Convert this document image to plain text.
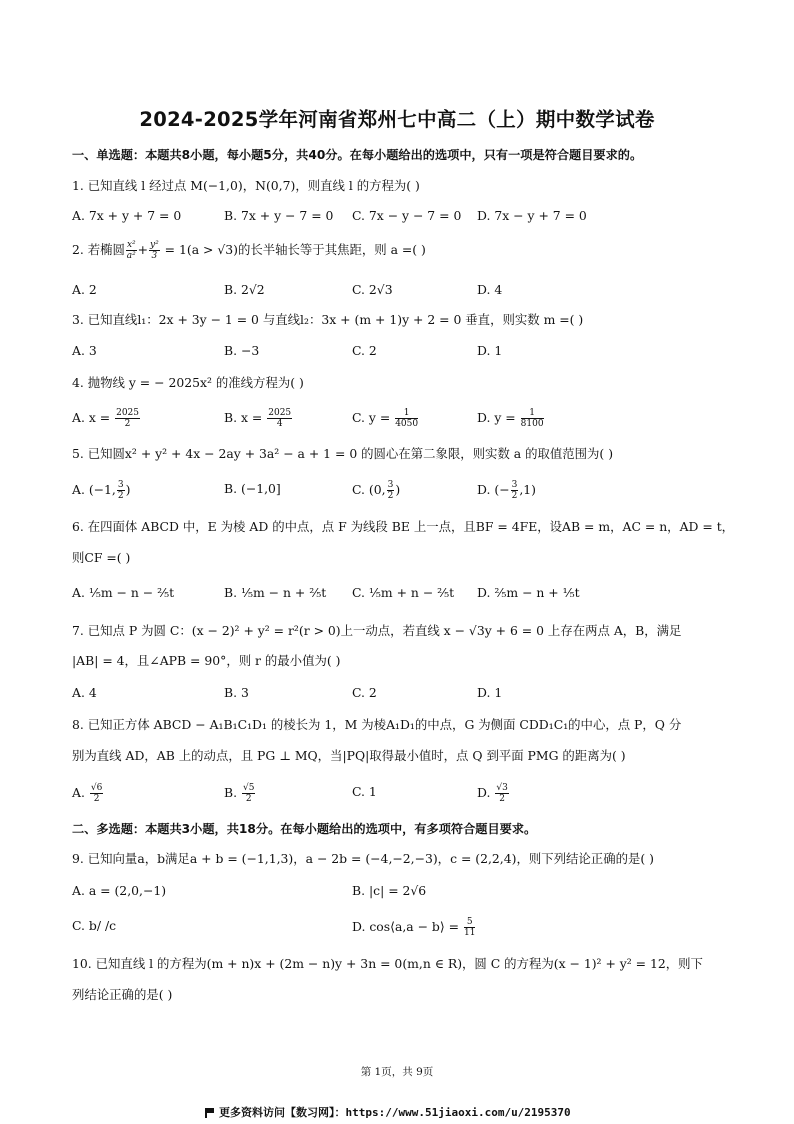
2024-2025学年河南省郑州七中高二（上）期中数学试卷
一、单选题：本题共8小题，每小题5分，共40分。在每小题给出的选项中，只有一项是符合题目要求的。
1. 已知直线 l 经过点 M(−1,0)，N(0,7)，则直线 l 的方程为( )
A. 7x + y + 7 = 0	B. 7x + y − 7 = 0 C. 7x − y − 7 = 0 D. 7x − y + 7 = 0
2. 若椭圆 $\frac{\text{x²}}{\text{a²}} + \frac{\text{y²}}{3} = 1(a > √3)$的长半轴长等于其焦距，则 a =( )
A. 2	B. 2√2	C. 2√3	D. 4
3. 已知直线l₁：2x + 3y − 1 = 0 与直线l₂：3x + (m + 1)y + 2 = 0 垂直，则实数 m =( )
A. 3	B. −3	C. 2	D. 1
4. 抛物线 y = − 2025x² 的准线方程为( )
A. $x = \frac{2025}{2}$	B. $x = \frac{2025}{4}$	C. $y = \frac{1}{4050}$	D. $y = \frac{1}{8100}$
5. 已知圆x² + y² + 4x − 2ay + 3a² − a + 1 = 0 的圆心在第二象限，则实数 a 的取值范围为( )
A. (−1, $\frac{3}{2}$ )	B. (−1,0]	C. (0, $\frac{3}{2}$ )	D. (− $\frac{3}{2} ,1$)
6. 在四面体 ABCD 中，E 为棱 AD 的中点，点 F 为线段 BE 上一点，且BF = 4FE，设AB = m，AC = n，AD = t，
则CF =( )
A. ⅕m − n − ⅖t	B. ⅕m − n + ⅖t C. ⅕m + n − ⅖t D. ⅖m − n + ⅕t
7. 已知点 P 为圆 C：(x − 2)² + y² = r²(r > 0)上一动点，若直线 x − √3y + 6 = 0 上存在两点 A，B，满足
|AB| = 4，且∠APB = 90°，则 r 的最小值为( )
A. 4	B. 3	C. 2	D. 1
8. 已知正方体 ABCD − A₁B₁C₁D₁ 的棱长为 1，M 为棱A₁D₁的中点，G 为侧面 CDD₁C₁的中心，点 P，Q 分
别为直线 AD，AB 上的动点，且 PG ⊥ MQ，当|PQ|取得最小值时，点 Q 到平面 PMG 的距离为( )
A. $\frac{√6}{2}$	B. $\frac{√5}{2}$	C. 1	D. $\frac{√3}{2}$
二、多选题：本题共3小题，共18分。在每小题给出的选项中，有多项符合题目要求。
9. 已知向量a，b满足a + b = (−1,1,3)，a − 2b = (−4,−2,−3)，c = (2,2,4)，则下列结论正确的是( )
A. a = (2,0,−1)	B. |c| = 2√6
C. b/ /c	D. cos⟨a,a − b⟩ = $\frac{5}{11}$
10. 已知直线 l 的方程为(m + n)x + (2m − n)y + 3n = 0(m,n ∈ R)，圆 C 的方程为(x − 1)² + y² = 12，则下
列结论正确的是( )
第 1页，共 9页
更多资料访问【数习网】：https://www.51jiaoxi.com/u/2195370
